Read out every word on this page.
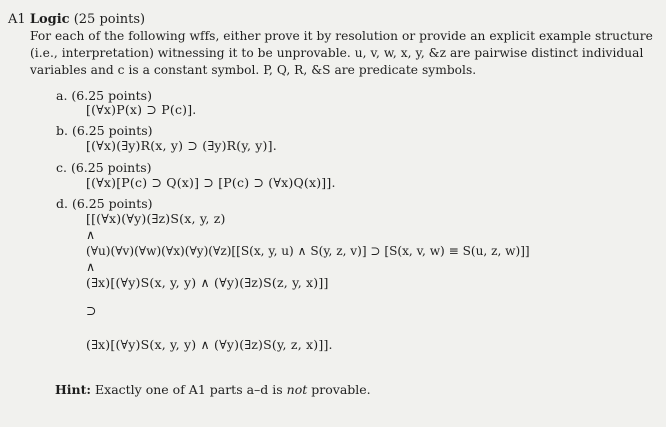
A1 Logic (25 points)
For each of the following wffs, either prove it by resolution or provide an explicit example structure
(i.e., interpretation) witnessing it to be unprovable. u, v, w, x, y, &z are pairwise distinct individual
variables and c is a constant symbol. P, Q, R, &S are predicate symbols.
a. (6.25 points)
[(∀x)P(x) ⊃ P(c)].
b. (6.25 points)
[(∀x)(∃y)R(x, y) ⊃ (∃y)R(y, y)].
c. (6.25 points)
[(∀x)[P(c) ⊃ Q(x)] ⊃ [P(c) ⊃ (∀x)Q(x)]].
d. (6.25 points)
[[(∀x)(∀y)(∃z)S(x, y, z)
∧
(∀u)(∀v)(∀w)(∀x)(∀y)(∀z)[[S(x, y, u) ∧ S(y, z, v)] ⊃ [S(x, v, w) ≡ S(u, z, w)]]
∧
(∃x)[(∀y)S(x, y, y) ∧ (∀y)(∃z)S(z, y, x)]]
⊃
(∃x)[(∀y)S(x, y, y) ∧ (∀y)(∃z)S(y, z, x)]].
Hint: Exactly one of A1 parts a–d is not provable.
